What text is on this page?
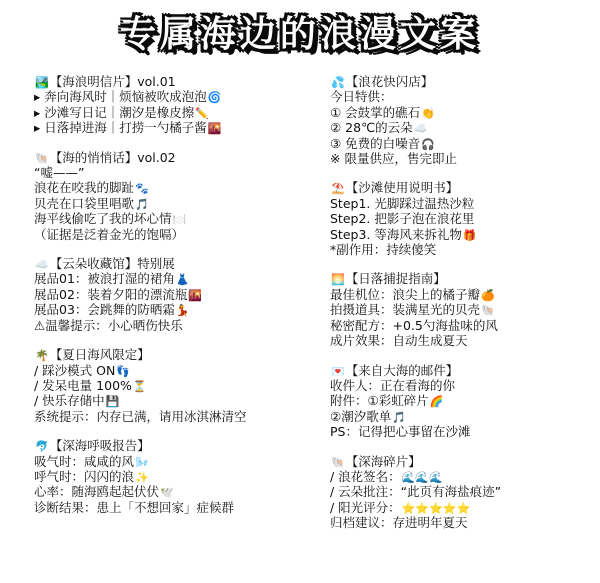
专属海边的浪漫文案
🏞️【海浪明信片】vol.01
▸ 奔向海风时｜烦恼被吹成泡泡🌀
▸ 沙滩写日记｜潮汐是橡皮擦✏️
▸ 日落掉进海｜打捞一勺橘子酱🌇
🐚【海的悄悄话】vol.02
“嘘——”
浪花在咬我的脚趾🐾
贝壳在口袋里唱歌🎵
海平线偷吃了我的坏心情🍽️
（证据是泛着金光的饱嗝）
☁️【云朵收藏馆】特别展
展品01：被浪打湿的裙角👗
展品02：装着夕阳的漂流瓶🌇
展品03：会跳舞的防晒霜💃
⚠温馨提示：小心晒伤快乐
🌴【夏日海风限定】
/ 踩沙模式 ON👣
/ 发呆电量 100%⏳
/ 快乐存储中💾
系统提示：内存已满，请用冰淇淋清空
🐬【深海呼吸报告】
吸气时：咸咸的风🌬️
呼气时：闪闪的浪✨
心率：随海鸥起起伏伏🕊️
诊断结果：患上「不想回家」症候群
💦【浪花快闪店】
今日特供：
① 会鼓掌的礁石👏
② 28℃的云朵☁️
③ 免费的白噪音🎧
※ 限量供应，售完即止
⛱️【沙滩使用说明书】
Step1. 光脚踩过温热沙粒
Step2. 把影子泡在浪花里
Step3. 等海风来拆礼物🎁
*副作用：持续傻笑
🌅【日落捕捉指南】
最佳机位：浪尖上的橘子瓣🍊
拍摄道具：装满星光的贝壳🐚
秘密配方：+0.5勺海盐味的风
成片效果：自动生成夏天
💌【来自大海的邮件】
收件人：正在看海的你
附件：①彩虹碎片🌈
②潮汐歌单🎵
PS：记得把心事留在沙滩
🐚【深海碎片】
/ 浪花签名：🌊🌊🌊
/ 云朵批注：“此页有海盐痕迹”
/ 阳光评分：⭐⭐⭐⭐⭐
归档建议：存进明年夏天
